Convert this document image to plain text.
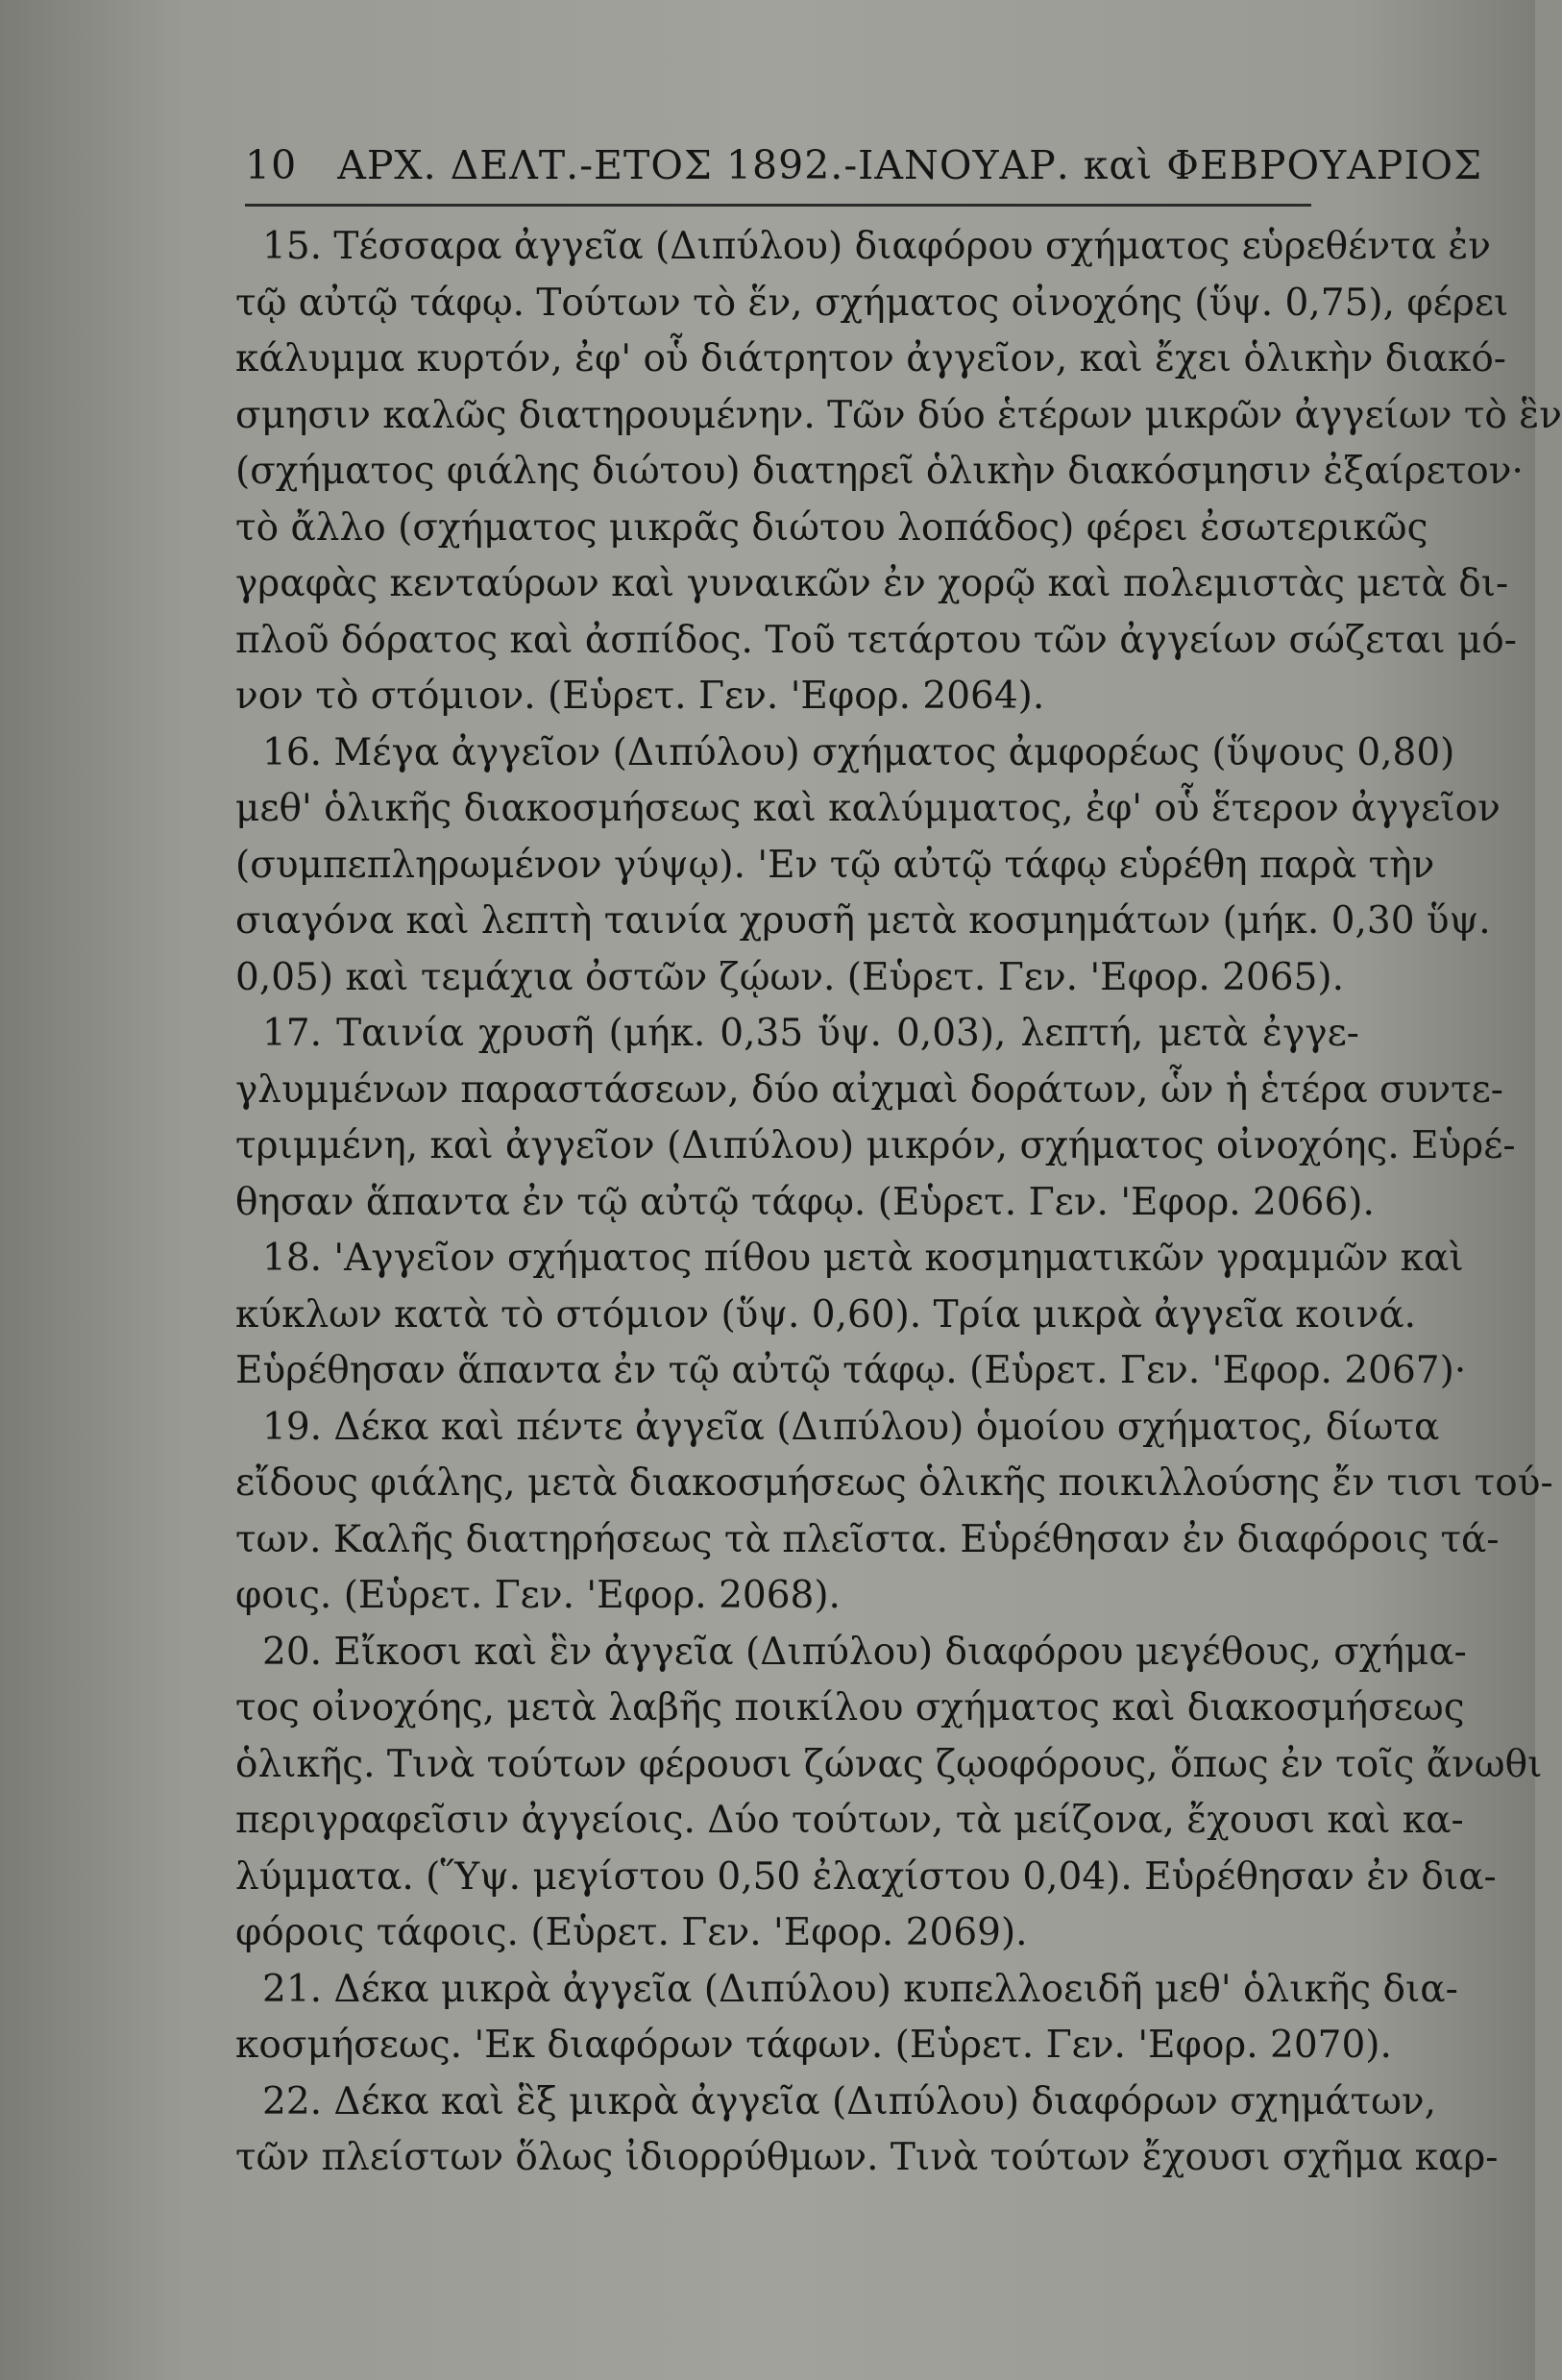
10 ΑΡΧ. ΔΕΛΤ.-ΕΤΟΣ 1892.-ΙΑΝΟΥΑΡ. καὶ ΦΕΒΡΟΥΑΡΙΟΣ
15. Τέσσαρα ἀγγεῖα (Διπύλου) διαφόρου σχήματος εὑρεθέντα ἐν
τῷ αὐτῷ τάφῳ. Τούτων τὸ ἕν, σχήματος οἰνοχόης (ὕψ. 0,75), φέρει
κάλυμμα κυρτόν, ἐφ' οὗ διάτρητον ἀγγεῖον, καὶ ἔχει ὁλικὴν διακό-
σμησιν καλῶς διατηρουμένην. Τῶν δύο ἑτέρων μικρῶν ἀγγείων τὸ ἓν
(σχήματος φιάλης διώτου) διατηρεῖ ὁλικὴν διακόσμησιν ἐξαίρετον·
τὸ ἄλλο (σχήματος μικρᾶς διώτου λοπάδος) φέρει ἐσωτερικῶς
γραφὰς κενταύρων καὶ γυναικῶν ἐν χορῷ καὶ πολεμιστὰς μετὰ δι-
πλοῦ δόρατος καὶ ἀσπίδος. Τοῦ τετάρτου τῶν ἀγγείων σώζεται μό-
νον τὸ στόμιον. (Εὑρετ. Γεν. 'Εφορ. 2064).
16. Μέγα ἀγγεῖον (Διπύλου) σχήματος ἀμφορέως (ὕψους 0,80)
μεθ' ὁλικῆς διακοσμήσεως καὶ καλύμματος, ἐφ' οὗ ἕτερον ἀγγεῖον
(συμπεπληρωμένον γύψῳ). 'Εν τῷ αὐτῷ τάφῳ εὑρέθη παρὰ τὴν
σιαγόνα καὶ λεπτὴ ταινία χρυσῆ μετὰ κοσμημάτων (μήκ. 0,30 ὕψ.
0,05) καὶ τεμάχια ὀστῶν ζῴων. (Εὑρετ. Γεν. 'Εφορ. 2065).
17. Ταινία χρυσῆ (μήκ. 0,35 ὕψ. 0,03), λεπτή, μετὰ ἐγγε-
γλυμμένων παραστάσεων, δύο αἰχμαὶ δοράτων, ὧν ἡ ἑτέρα συντε-
τριμμένη, καὶ ἀγγεῖον (Διπύλου) μικρόν, σχήματος οἰνοχόης. Εὑρέ-
θησαν ἅπαντα ἐν τῷ αὐτῷ τάφῳ. (Εὑρετ. Γεν. 'Εφορ. 2066).
18. 'Αγγεῖον σχήματος πίθου μετὰ κοσμηματικῶν γραμμῶν καὶ
κύκλων κατὰ τὸ στόμιον (ὕψ. 0,60). Τρία μικρὰ ἀγγεῖα κοινά.
Εὑρέθησαν ἅπαντα ἐν τῷ αὐτῷ τάφῳ. (Εὑρετ. Γεν. 'Εφορ. 2067)·
19. Δέκα καὶ πέντε ἀγγεῖα (Διπύλου) ὁμοίου σχήματος, δίωτα
εἴδους φιάλης, μετὰ διακοσμήσεως ὁλικῆς ποικιλλούσης ἔν τισι τού-
των. Καλῆς διατηρήσεως τὰ πλεῖστα. Εὑρέθησαν ἐν διαφόροις τά-
φοις. (Εὑρετ. Γεν. 'Εφορ. 2068).
20. Εἴκοσι καὶ ἓν ἀγγεῖα (Διπύλου) διαφόρου μεγέθους, σχήμα-
τος οἰνοχόης, μετὰ λαβῆς ποικίλου σχήματος καὶ διακοσμήσεως
ὁλικῆς. Τινὰ τούτων φέρουσι ζώνας ζῳοφόρους, ὅπως ἐν τοῖς ἄνωθι
περιγραφεῖσιν ἀγγείοις. Δύο τούτων, τὰ μείζονα, ἔχουσι καὶ κα-
λύμματα. (Ὕψ. μεγίστου 0,50 ἐλαχίστου 0,04). Εὑρέθησαν ἐν δια-
φόροις τάφοις. (Εὑρετ. Γεν. 'Εφορ. 2069).
21. Δέκα μικρὰ ἀγγεῖα (Διπύλου) κυπελλοειδῆ μεθ' ὁλικῆς δια-
κοσμήσεως. 'Εκ διαφόρων τάφων. (Εὑρετ. Γεν. 'Εφορ. 2070).
22. Δέκα καὶ ἓξ μικρὰ ἀγγεῖα (Διπύλου) διαφόρων σχημάτων,
τῶν πλείστων ὅλως ἰδιορρύθμων. Τινὰ τούτων ἔχουσι σχῆμα καρ-
